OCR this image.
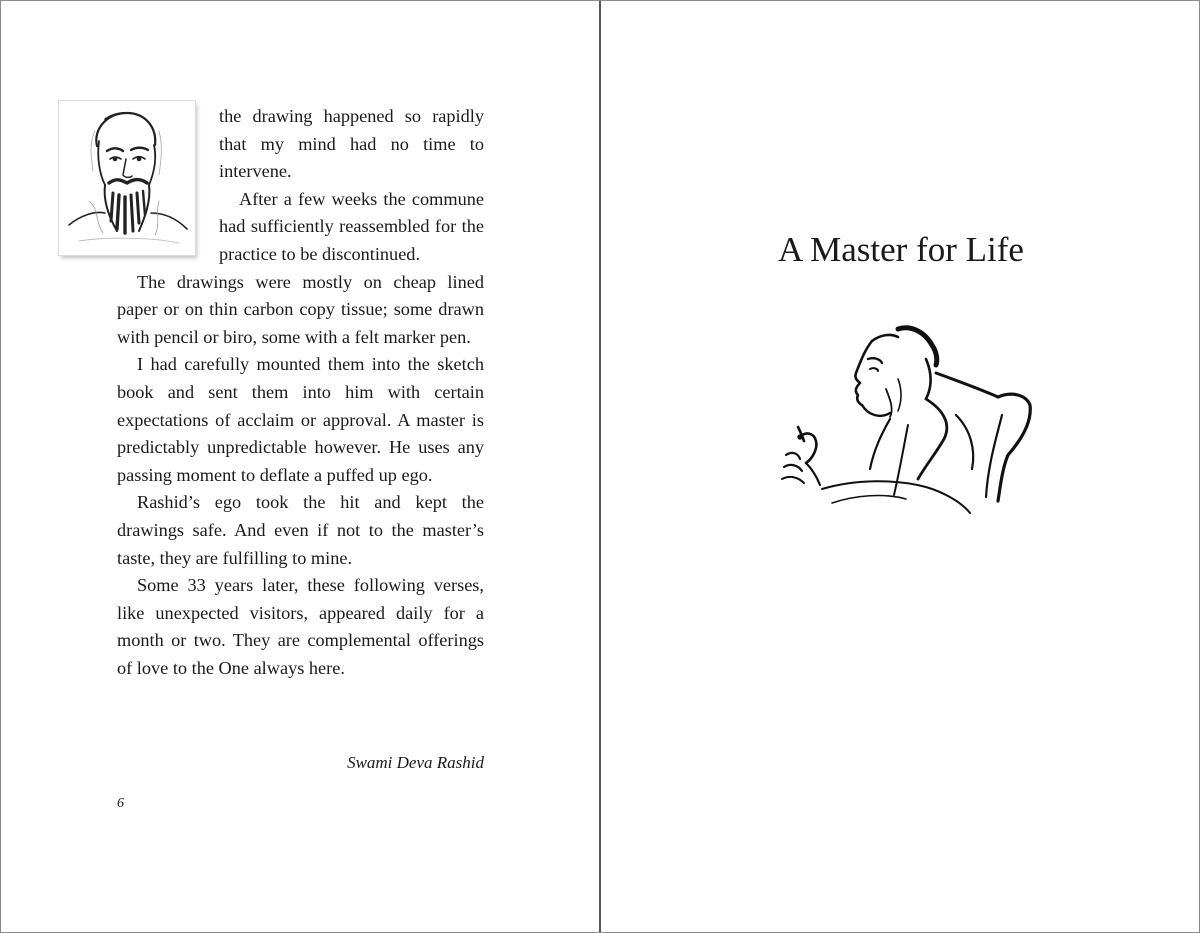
the drawing happened so rapidly that my mind had no time to intervene.

After a few weeks the commune had sufficiently reassembled for the practice to be discontinued.

The drawings were mostly on cheap lined paper or on thin carbon copy tissue; some drawn with pencil or biro, some with a felt marker pen.

I had carefully mounted them into the sketch book and sent them into him with certain expectations of acclaim or approval. A master is predictably unpredictable however. He uses any passing moment to deflate a puffed up ego.

Rashid’s ego took the hit and kept the drawings safe. And even if not to the master’s taste, they are fulfilling to mine.

Some 33 years later, these following verses, like unexpected visitors, appeared daily for a month or two. They are complemental offerings of love to the One always here.

Swami Deva Rashid
6
A Master for Life
